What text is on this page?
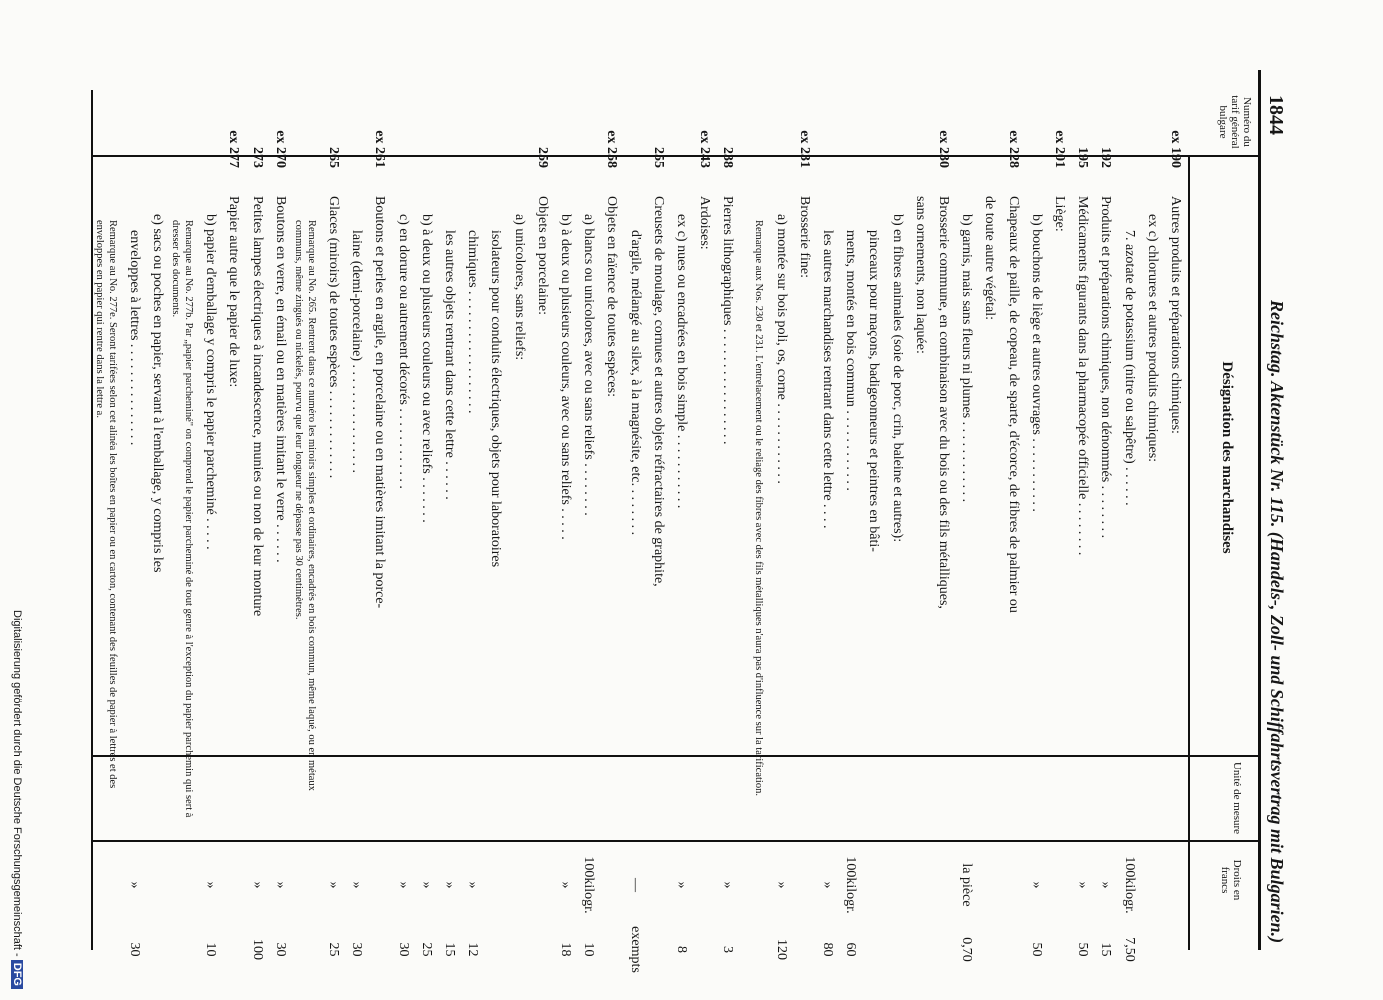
1844
Reichstag. Aktenstück Nr. 115. (Handels-, Zoll- und Schiffahrtsvertrag mit Bulgarien.)
Numéro du tarif général bulgare
Désignation des marchandises
Unité de mesure
Droits en francs
ex 190
Autres produits et préparations chimiques:
ex c) chlorures et autres produits chimiques:
7. azotate de potassium (nitre ou salpêtre) . . . . . .
100kilogr.
7,50
192
Produits et préparations chimiques, non dénommés . . . . . . . .
»
15
195
Médicaments figurants dans la pharmacopée officielle . . . . . . . .
»
50
ex 201
Liège:
b) bouchons de liège et autres ouvrages . . . . . . . . . . .
»
50
ex 228
Chapeaux de paille, de copeau, de sparte, d'écorce, de fibres de palmier ou
de toute autre végétal:
b) garnis, mais sans fleurs ni plumes . . . . . . . . . . . .
la pièce
0,70
ex 230
Brosserie commune, en combinaison avec du bois ou des fils métalliques,
sans ornements, non laquée:
b) en fibres animales (soie de porc, crin, baleine et autres):
pinceaux pour maçons, badigeonneurs et peintres en bâti-
ments, montés en bois commun . . . . . . . . . . . .
100kilogr.
60
les autres marchandises rentrant dans cette lettre . . . .
»
80
ex 231
Brosserie fine:
a) montée sur bois poli, os, corne . . . . . . . . . . . .
»
120
Remarque aux Nos. 230 et 231. L'entrelacement ou le reliage des fibres avec des fils métalliques n'aura pas d'influence sur la tarification.
238
Pierres lithographiques . . . . . . . . . . . . . . . . .
»
3
ex 243
Ardoises:
ex c) nues ou encadrées en bois simple . . . . . . . . . . .
»
8
255
Creusets de moulage, cornues et autres objets réfractaires de graphite,
d'argile, mélangé au silex, à la magnésite, etc. . . . . . . .
—
exempts
ex 258
Objets en faïence de toutes espèces:
a) blancs ou unicolores, avec ou sans reliefs . . . . . . . .
100kilogr.
10
b) à deux ou plusieurs couleurs, avec ou sans reliefs . . . . .
»
18
259
Objets en porcelaine:
a) unicolores, sans reliefs:
isolateurs pour conduits électriques, objets pour laboratoires
chimiques . . . . . . . . . . . . . . . . . .
»
12
les autres objets rentrant dans cette lettre . . . . . .
»
15
b) à deux ou plusieurs couleurs ou avec reliefs . . . . . . .
»
25
c) en dorure ou autrement décorés . . . . . . . . . . . .
»
30
ex 261
Boutons et perles en argile, en porcelaine ou en matières imitant la porce-
laine (demi-porcelaine) . . . . . . . . . . . . . . . .
»
30
265
Glaces (miroirs) de toutes espèces . . . . . . . . . . . . .
»
25
Remarque au No. 265. Rentrent dans ce numéro les miroirs simples et ordinaires, encadrés en bois commun, même laqué, ou en métaux communs, même zingués ou nickelés, pourvu que leur longueur ne dépasse pas 30 centimètres.
ex 270
Boutons en verre, en émail ou en matières imitant le verre . . . . . .
»
30
273
Petites lampes électriques à incandescence, munies ou non de leur monture
»
100
ex 277
Papier autre que le papier de luxe:
b) papier d'emballage y compris le papier parcheminé . . . . .
»
10
Remarque au No. 277b. Par „papier parcheminé" on comprend le papier parcheminé de tout genre à l'exception du papier parchemin qui sert à dresser des documents.
e) sacs ou poches en papier, servant à l'emballage, y compris les
enveloppes à lettres . . . . . . . . . . . . . . .
»
30
Remarque au No. 277e. Seront tarifées selon cet alinéa les boîtes en papier ou en carton, contenant des feuilles de papier à lettres et des enveloppes en papier qui rentre dans la lettre a.
Digitalisierung gefördert durch die Deutsche Forschungsgemeinschaft - DFG
